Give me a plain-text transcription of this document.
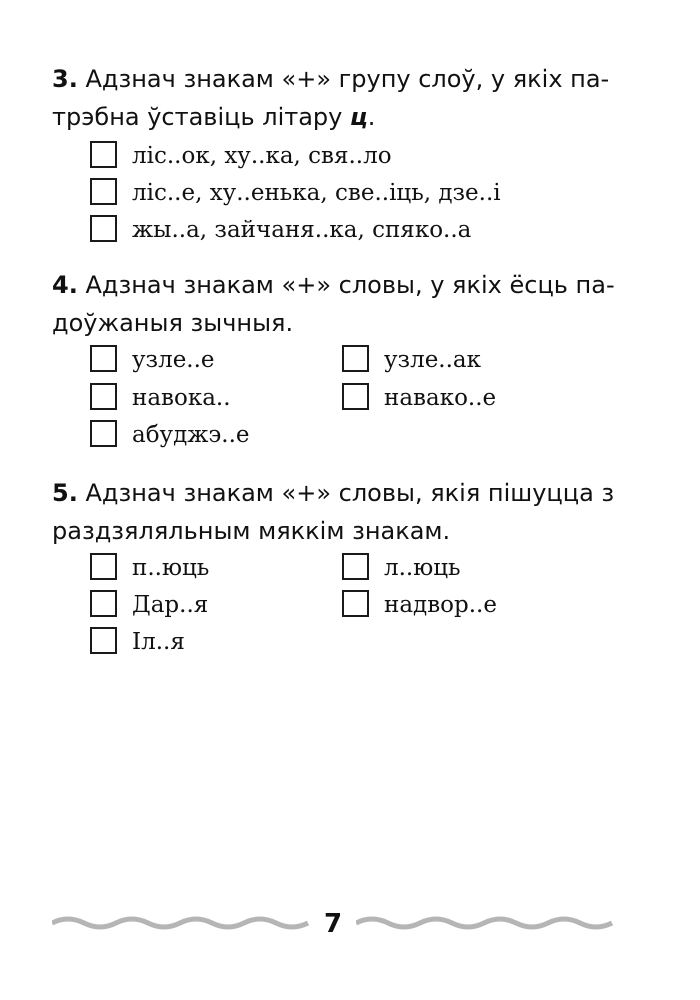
3. Адзнач знакам «+» групу слоў, у якіх па-трэбна ўставіць літару ц.
ліс..ок, ху..ка, свя..ло
ліс..е, ху..енька, све..іць, дзе..і
жы..а, зайчаня..ка, спяко..а
4. Адзнач знакам «+» словы, у якіх ёсць па-доўжаныя зычныя.
узле..е	узле..ак
навока..	навако..е
абуджэ..е
5. Адзнач знакам «+» словы, якія пішуцца з раздзяляльным мяккім знакам.
п..юць	л..юць
Дар..я	надвор..е
Іл..я
7
